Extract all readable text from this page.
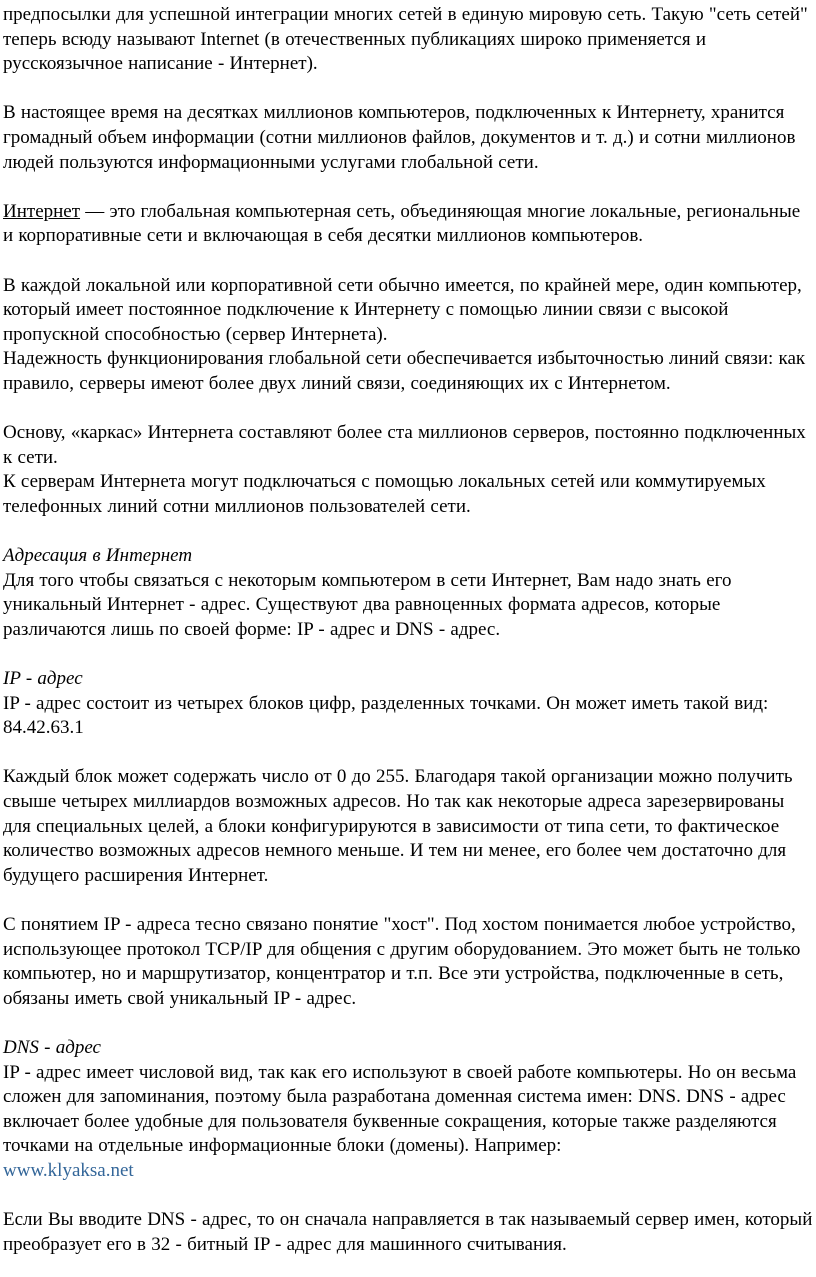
предпосылки для успешной интеграции многих сетей в единую мировую сеть. Такую "сеть сетей" теперь всюду называют Internet (в отечественных публикациях широко применяется и русскоязычное написание - Интернет).

В настоящее время на десятках миллионов компьютеров, подключенных к Интернету, хранится громадный объем информации (сотни миллионов файлов, документов и т. д.) и сотни миллионов людей пользуются информационными услугами глобальной сети.

Интернет — это глобальная компьютерная сеть, объединяющая многие локальные, региональные и корпоративные сети и включающая в себя десятки миллионов компьютеров.

В каждой локальной или корпоративной сети обычно имеется, по крайней мере, один компьютер, который имеет постоянное подключение к Интернету с помощью линии связи с высокой пропускной способностью (сервер Интернета).

Надежность функционирования глобальной сети обеспечивается избыточностью линий связи: как правило, серверы имеют более двух линий связи, соединяющих их с Интернетом.

Основу, «каркас» Интернета составляют более ста миллионов серверов, постоянно подключенных к сети.

К серверам Интернета могут подключаться с помощью локальных сетей или коммутируемых телефонных линий сотни миллионов пользователей сети.

Адресация в Интернет

Для того чтобы связаться с некоторым компьютером в сети Интернет, Вам надо знать его уникальный Интернет - адрес. Существуют два равноценных формата адресов, которые различаются лишь по своей форме: IP - адрес и DNS - адрес.

IP - адрес

IP - адрес состоит из четырех блоков цифр, разделенных точками. Он может иметь такой вид:

84.42.63.1

Каждый блок может содержать число от 0 до 255. Благодаря такой организации можно получить свыше четырех миллиардов возможных адресов. Но так как некоторые адреса зарезервированы для специальных целей, а блоки конфигурируются в зависимости от типа сети, то фактическое количество возможных адресов немного меньше. И тем ни менее, его более чем достаточно для будущего расширения Интернет.

С понятием IP - адреса тесно связано понятие "хост". Под хостом понимается любое устройство, использующее протокол TCP/IP для общения с другим оборудованием. Это может быть не только компьютер, но и маршрутизатор, концентратор и т.п. Все эти устройства, подключенные в сеть, обязаны иметь свой уникальный IP - адрес.

DNS - адрес

IP - адрес имеет числовой вид, так как его используют в своей работе компьютеры. Но он весьма сложен для запоминания, поэтому была разработана доменная система имен: DNS. DNS - адрес включает более удобные для пользователя буквенные сокращения, которые также разделяются точками на отдельные информационные блоки (домены). Например:

www.klyaksa.net

Если Вы вводите DNS - адрес, то он сначала направляется в так называемый сервер имен, который преобразует его в 32 - битный IP - адрес для машинного считывания.
